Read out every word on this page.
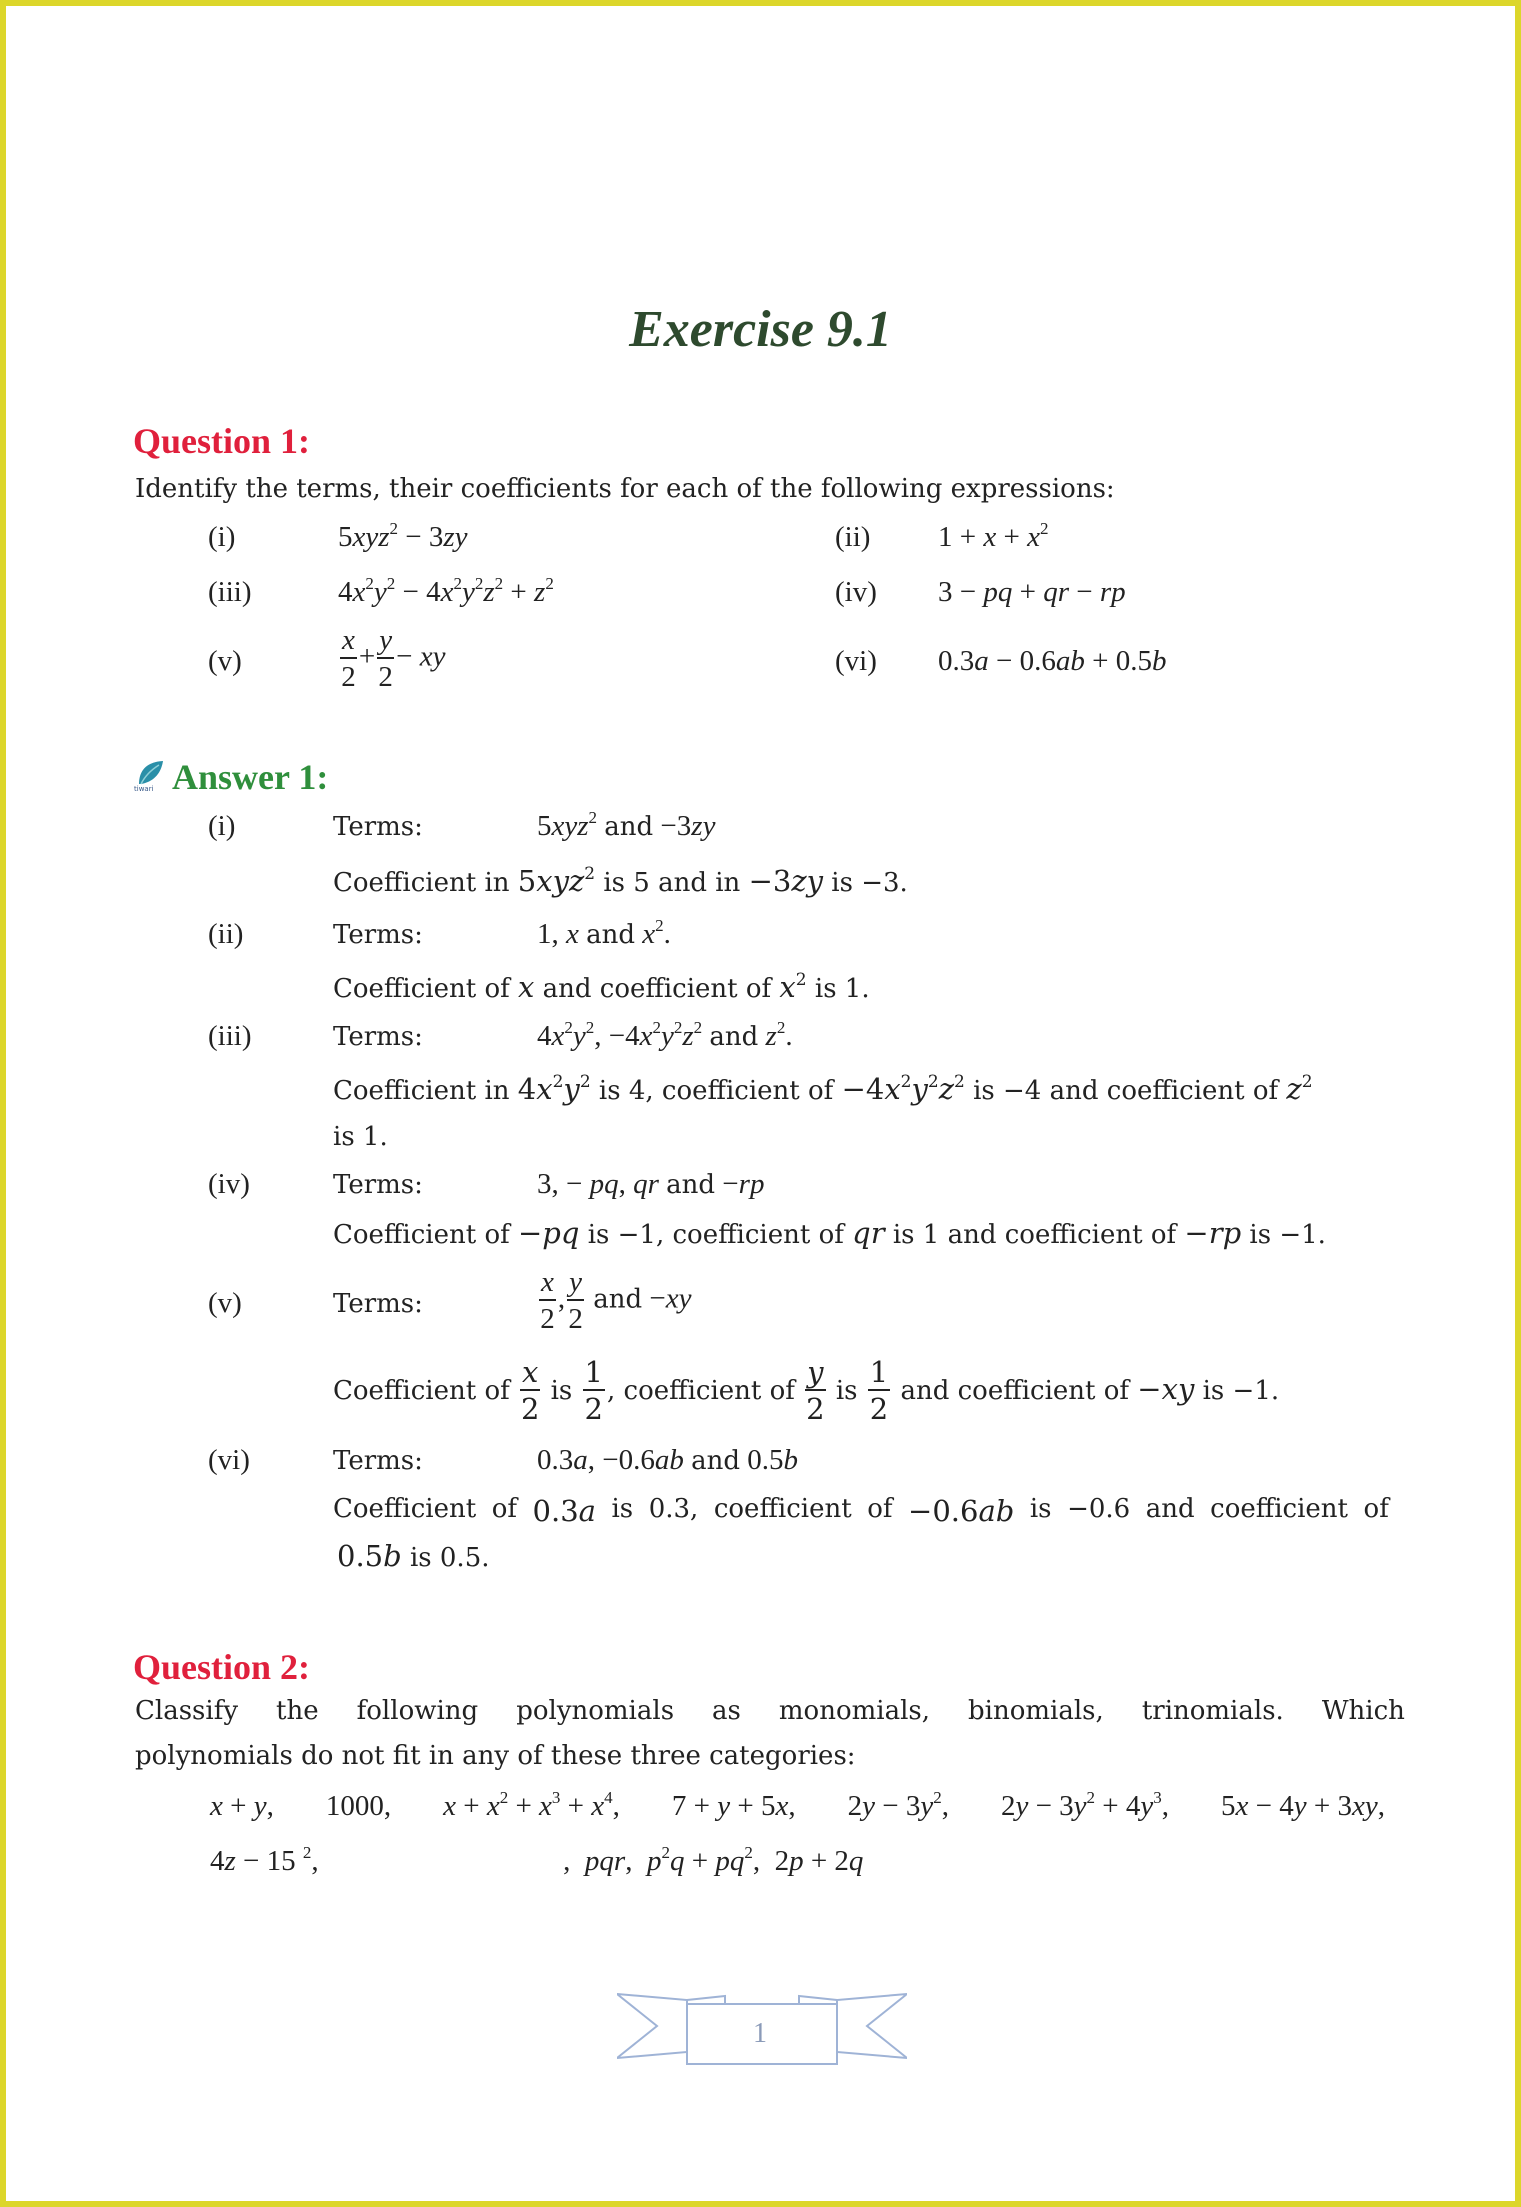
Exercise 9.1
Question 1:
Identify the terms, their coefficients for each of the following expressions:
(i)	5xyz$^2$ − 3zy	(ii) $1 + x + x^2$
(iii)	$4x^2y^2 - 4x^2y^2z^2 + z^2$	(iv) 3 − pq + qr − rp
(v)	$\frac{x}{2} + \frac{y}{2}$ − xy	(vi) 0.3a − 0.6ab + 0.5b
tiwari Answer 1:
(i)	Terms:	5xyz$^2$ and −3zy
Coefficient in 5xyz$^2$ is 5 and in −3zy is −3.
(ii)	Terms:	1, x and $x^2$.
Coefficient of x and coefficient of $x^2$ is 1.
(iii)	Terms:	$4x^2y^2$, $-4x^2y^2z^2$ and $z^2$.
Coefficient in $4x^2y^2$ is 4, coefficient of $-4x^2y^2z^2$ is −4 and coefficient of $z^2$
is 1.
(iv)	Terms:	3, − pq, qr and −rp
Coefficient of −pq is −1, coefficient of qr is 1 and coefficient of −rp is −1.
(v)	Terms:	$\frac{x}{2}$ , $\frac{y}{2}$ and −xy
Coefficient of $\frac{x}{2}$ is $\frac{1}{2}$ , coefficient of $\frac{y}{2}$ is $\frac{1}{2}$ and coefficient of −xy is −1.
(vi)	Terms:	0.3a, −0.6ab and 0.5b
Coefficient of 0.3a is 0.3, coefficient of −0.6ab is −0.6 and coefficient of
0.5b is 0.5.
Question 2:
Classify the following polynomials as monomials, binomials, trinomials. Which
polynomials do not fit in any of these three categories:
x + y, 1000, $x + x^2 + x^3 + x^4$, 7 + y + 5x, $2y - 3y^2$, $2y - 3y^2 + 4y^3$, 5x − 4y + 3xy,
4z − 15 $^2$,	,  pqr,  $p^2q + pq^2$,  2p + 2q
1
